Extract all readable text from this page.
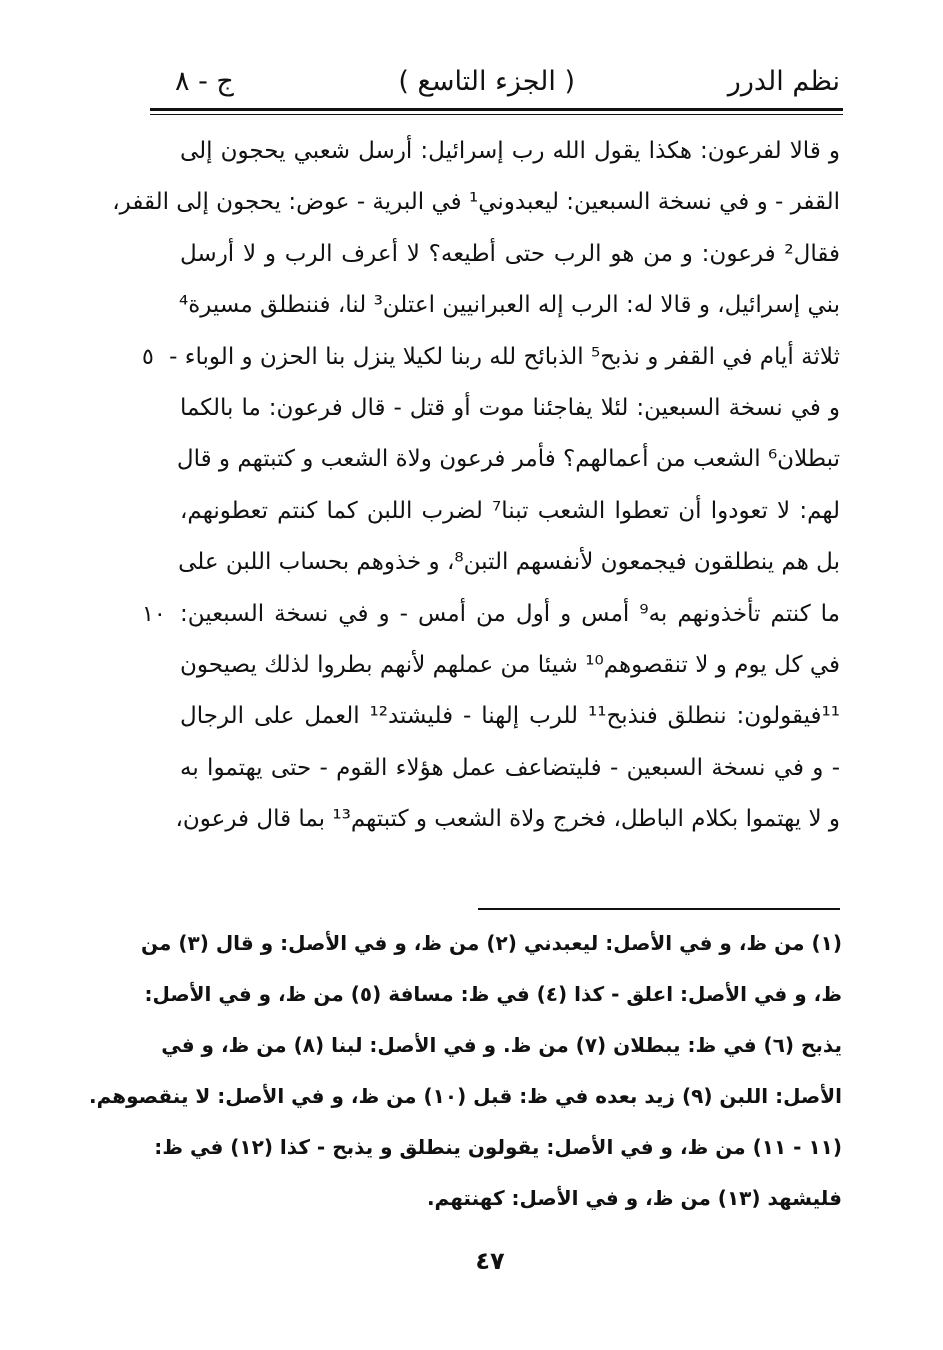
نظم الدرر
( الجزء التاسع )
ج - ٨
و قالا لفرعون: هكذا يقول الله رب إسرائيل: أرسل شعبي يحجون إلى
القفر - و في نسخة السبعين: ليعبدوني¹ في البرية - عوض: يحجون إلى القفر،
فقال² فرعون: و من هو الرب حتى أطيعه؟ لا أعرف الرب و لا أرسل
بني إسرائيل، و قالا له: الرب إله العبرانيين اعتلن³ لنا، فننطلق مسيرة⁴
ثلاثة أيام في القفر و نذبح⁵ الذبائح لله ربنا لكيلا ينزل بنا الحزن و الوباء -
٥
و في نسخة السبعين: لئلا يفاجئنا موت أو قتل - قال فرعون: ما بالكما
تبطلان⁶ الشعب من أعمالهم؟ فأمر فرعون ولاة الشعب و كتبتهم و قال
لهم: لا تعودوا أن تعطوا الشعب تبنا⁷ لضرب اللبن كما كنتم تعطونهم،
بل هم ينطلقون فيجمعون لأنفسهم التبن⁸، و خذوهم بحساب اللبن على
ما كنتم تأخذونهم به⁹ أمس و أول من أمس - و في نسخة السبعين:
١٠
في كل يوم و لا تنقصوهم¹⁰ شيئا من عملهم لأنهم بطروا لذلك يصيحون
¹¹فيقولون: ننطلق فنذبح¹¹ للرب إلهنا - فليشتد¹² العمل على الرجال
- و في نسخة السبعين - فليتضاعف عمل هؤلاء القوم - حتى يهتموا به
و لا يهتموا بكلام الباطل، فخرج ولاة الشعب و كتبتهم¹³ بما قال فرعون،
(١) من ظ، و في الأصل: ليعبدني (٢) من ظ، و في الأصل: و قال (٣) من
ظ، و في الأصل: اعلق - كذا (٤) في ظ: مسافة (٥) من ظ، و في الأصل:
يذبح (٦) في ظ: يبطلان (٧) من ظ. و في الأصل: لبنا (٨) من ظ، و في
الأصل: اللبن (٩) زيد بعده في ظ: قبل (١٠) من ظ، و في الأصل: لا ينقصوهم.
(١١ - ١١) من ظ، و في الأصل: يقولون ينطلق و يذبح - كذا (١٢) في ظ:
فليشهد (١٣) من ظ، و في الأصل: كهنتهم.
٤٧
